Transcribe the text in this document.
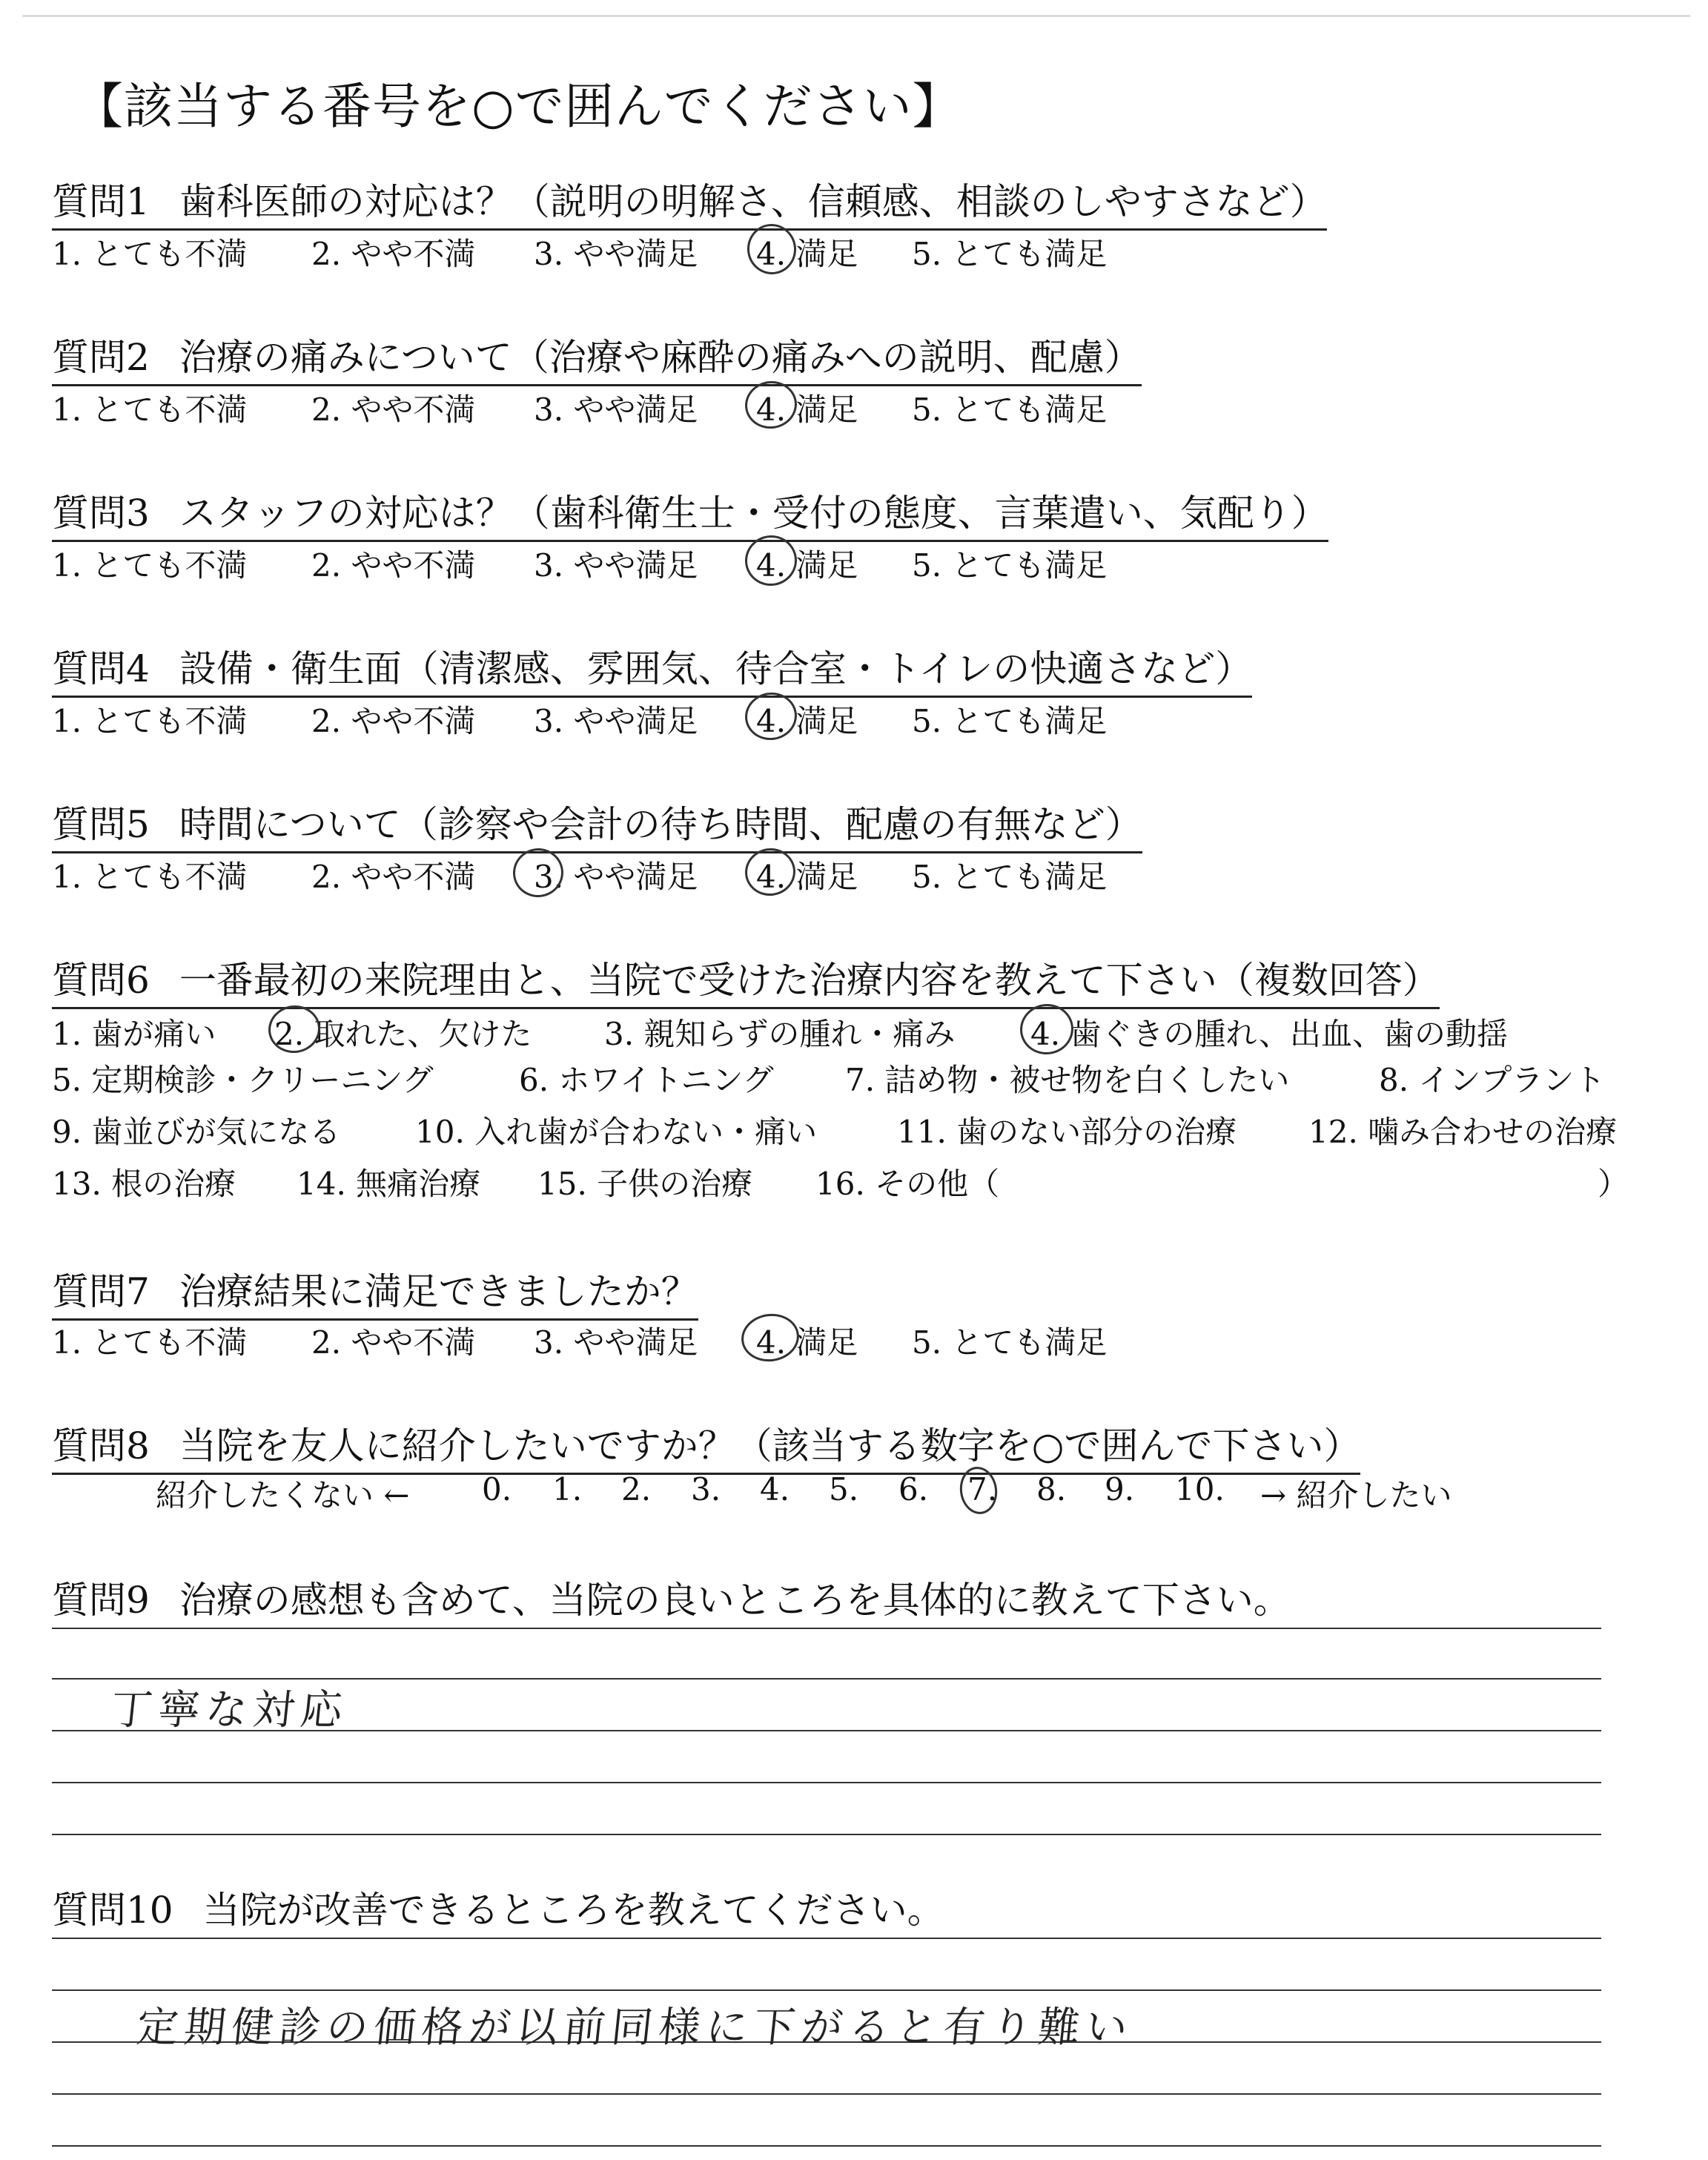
【該当する番号を○で囲んでください】
質問1 歯科医師の対応は？（説明の明解さ、信頼感、相談のしやすさなど）
1. とても不満 2. やや不満 3. やや満足 4. 満足 5. とても満足
質問2 治療の痛みについて（治療や麻酔の痛みへの説明、配慮）
1. とても不満 2. やや不満 3. やや満足 4. 満足 5. とても満足
質問3 スタッフの対応は？（歯科衛生士・受付の態度、言葉遣い、気配り）
1. とても不満 2. やや不満 3. やや満足 4. 満足 5. とても満足
質問4 設備・衛生面（清潔感、雰囲気、待合室・トイレの快適さなど）
1. とても不満 2. やや不満 3. やや満足 4. 満足 5. とても満足
質問5 時間について（診察や会計の待ち時間、配慮の有無など）
1. とても不満 2. やや不満 3. やや満足 4. 満足 5. とても満足
質問6 一番最初の来院理由と、当院で受けた治療内容を教えて下さい（複数回答）
1. 歯が痛い 2. 取れた、欠けた 3. 親知らずの腫れ・痛み 4. 歯ぐきの腫れ、出血、歯の動揺
5. 定期検診・クリーニング	6. ホワイトニング 7. 詰め物・被せ物を白くしたい	8. インプラント
9. 歯並びが気になる 10. 入れ歯が合わない・痛い	11. 歯のない部分の治療 12. 噛み合わせの治療
13. 根の治療 14. 無痛治療 15. 子供の治療 16. その他（	）
質問7 治療結果に満足できましたか？
1. とても不満 2. やや不満 3. やや満足 4. 満足 5. とても満足
質問8 当院を友人に紹介したいですか？（該当する数字を○で囲んで下さい）
紹介したくない ← 0. 1. 2. 3. 4. 5. 6. 7. 8. 9. 10. → 紹介したい
質問9 治療の感想も含めて、当院の良いところを具体的に教えて下さい。
丁寧な対応
質問10 当院が改善できるところを教えてください。
定期健診の価格が以前同様に下がると有り難い
